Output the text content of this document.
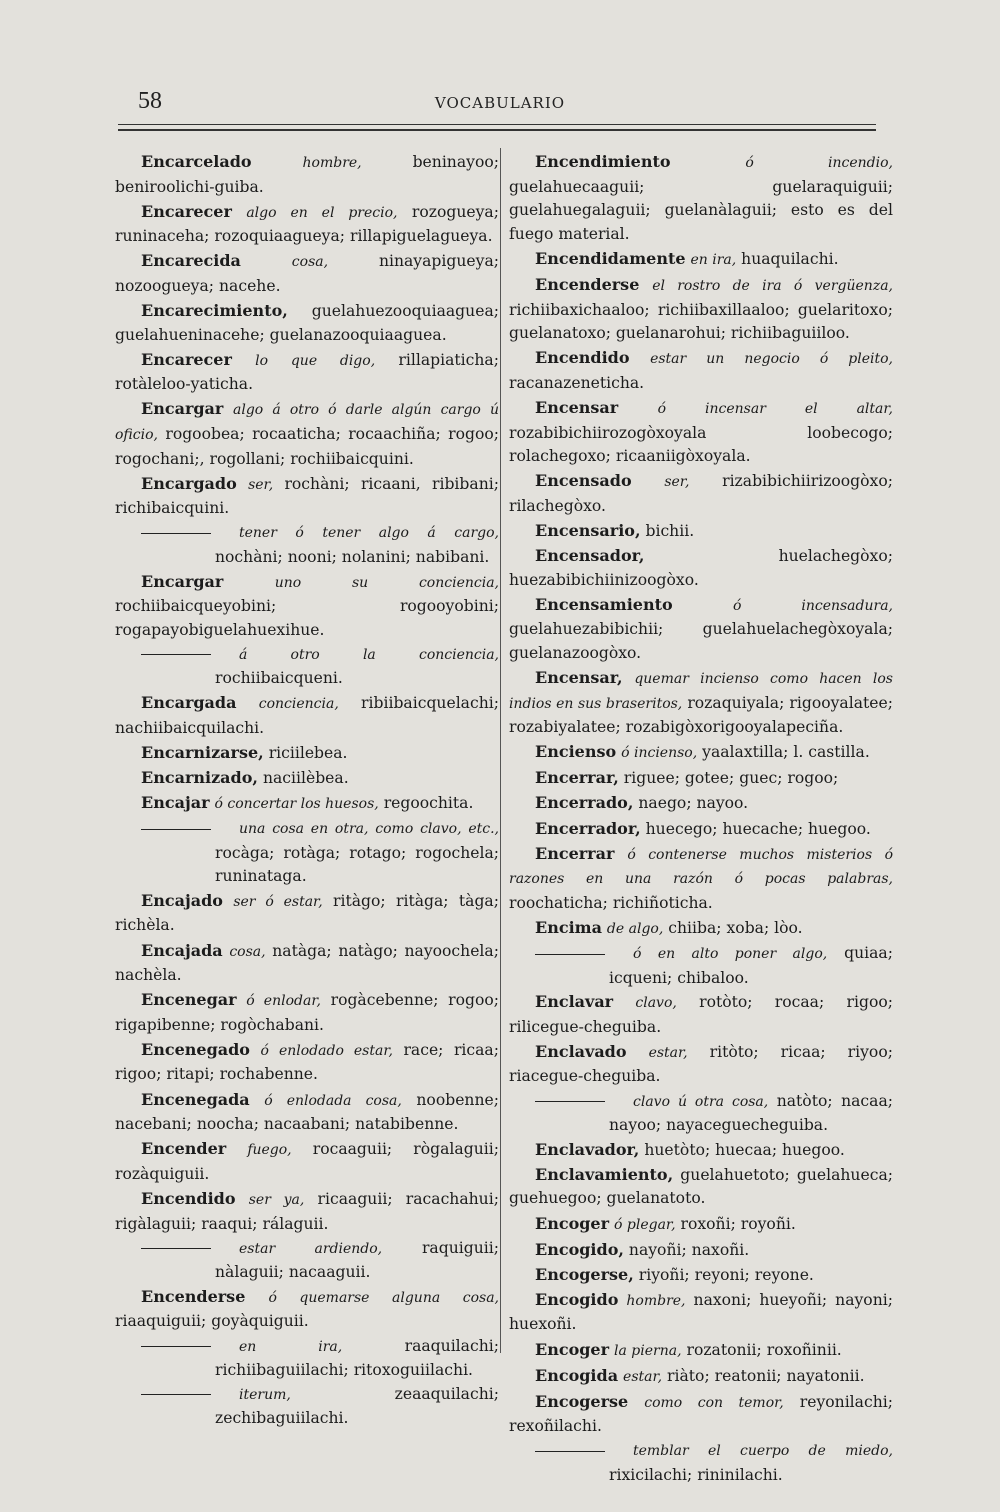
58	VOCABULARIO

Encarcelado	hombre,	beninayoo; beniroolichi-guiba.

Encarecer algo en el precio, rozogueya; runinaceha; rozoquiaagueya; rillapiguelagueya.

Encarecida	cosa,	ninayapigueya; nozoogueya; nacehe.

Encarecimiento, guelahuezooquiaaguea; guelahueninacehe; guelanazooquiaaguea.

Encarecer lo que digo, rillapiaticha; rotàleloo-yaticha.

Encargar algo á otro ó darle algún cargo ú oficio, rogoobea; rocaaticha; rocaachiña; rogoo; rogochani;, rogollani; rochiibaicquini.

Encargado ser, rochàni; ricaani, ribibani; richibaicquini.

tener ó tener algo á cargo, nochàni; nooni; nolanini; nabibani.

Encargar	uno su conciencia, rochiibaicqueyobini; rogooyobini; rogapayobiguelahuexihue.

á otro la conciencia, rochiibaicqueni.

Encargada conciencia, ribiibaicquelachi; nachiibaicquilachi.

Encarnizarse, riciilebea.

Encarnizado, naciilèbea.

Encajar ó concertar los huesos, regoochita.

una cosa en otra, como clavo, etc., rocàga; rotàga; rotago; rogochela; runinataga.

Encajado ser ó estar, ritàgo; ritàga; tàga; richèla.

Encajada cosa, natàga; natàgo; nayoochela; nachèla.

Encenegar ó enlodar, rogàcebenne; rogoo; rigapibenne; rogòchabani.

Encenegado ó enlodado estar, race; ricaa; rigoo; ritapi; rochabenne.

Encenegada ó enlodada cosa, noobenne; nacebani; noocha; nacaabani; natabibenne.

Encender fuego, rocaaguii; rògalaguii; rozàquiguii.

Encendido ser ya, ricaaguii; racachahui; rigàlaguii; raaqui; rálaguii.

estar ardiendo,	raquiguii; nàlaguii; nacaaguii.

Encenderse ó quemarse alguna cosa, riaaquiguii; goyàquiguii.

en ira,	raaquilachi; richiibaguiilachi; ritoxoguiilachi.

iterum,	zeaaquilachi; zechibaguiilachi.

Encendimiento	ó incendio, guelahuecaaguii; guelaraquiguii; guelahuegalaguii; guelanàlaguii; esto es del fuego material.

Encendidamente en ira, huaquilachi.

Encenderse el rostro de ira ó vergüenza, richiibaxichaaloo; richiibaxillaaloo; guelaritoxo; guelanatoxo; guelanarohui; richiibaguiiloo.

Encendido estar un negocio ó pleito, racanazeneticha.

Encensar	ó incensar el altar, rozabibichiirozogòxoyala loobecogo; rolachegoxo; ricaaniigòxoyala.

Encensado ser, rizabibichiirizoogòxo; rilachegòxo.

Encensario, bichii.

Encensador,	huelachegòxo; huezabibichiinizoogòxo.

Encensamiento	ó incensadura, guelahuezabibichii; guelahuelachegòxoyala; guelanazoogòxo.

Encensar, quemar incienso como hacen los indios en sus braseritos, rozaquiyala; rigooyalatee; rozabiyalatee; rozabigòxorigooyalapeciña.

Encienso ó incienso, yaalaxtilla; l. castilla.

Encerrar, riguee; gotee; guec; rogoo;

Encerrado, naego; nayoo.

Encerrador, huecego; huecache; huegoo.

Encerrar ó contenerse muchos misterios ó razones en una razón ó pocas palabras, roochaticha; richiñoticha.

Encima de algo, chiiba; xoba; lòo.

ó en alto poner algo, quiaa; icqueni; chibaloo.

Enclavar clavo, rotòto; rocaa; rigoo; rilicegue-cheguiba.

Enclavado estar, ritòto; ricaa; riyoo; riacegue-cheguiba.

clavo ú otra cosa, natòto; nacaa; nayoo; nayaceguecheguiba.

Enclavador, huetòto; huecaa; huegoo.

Enclavamiento, guelahuetoto; guelahueca; guehuegoo; guelanatoto.

Encoger ó plegar, roxoñi; royoñi.

Encogido, nayoñi; naxoñi.

Encogerse, riyoñi; reyoni; reyone.

Encogido hombre, naxoni; hueyoñi; nayoni; huexoñi.

Encoger la pierna, rozatonii; roxoñinii.

Encogida estar, riàto; reatonii; nayatonii.

Encogerse como con temor, reyonilachi; rexoñilachi.

temblar el cuerpo de miedo, rixicilachi; rininilachi.
